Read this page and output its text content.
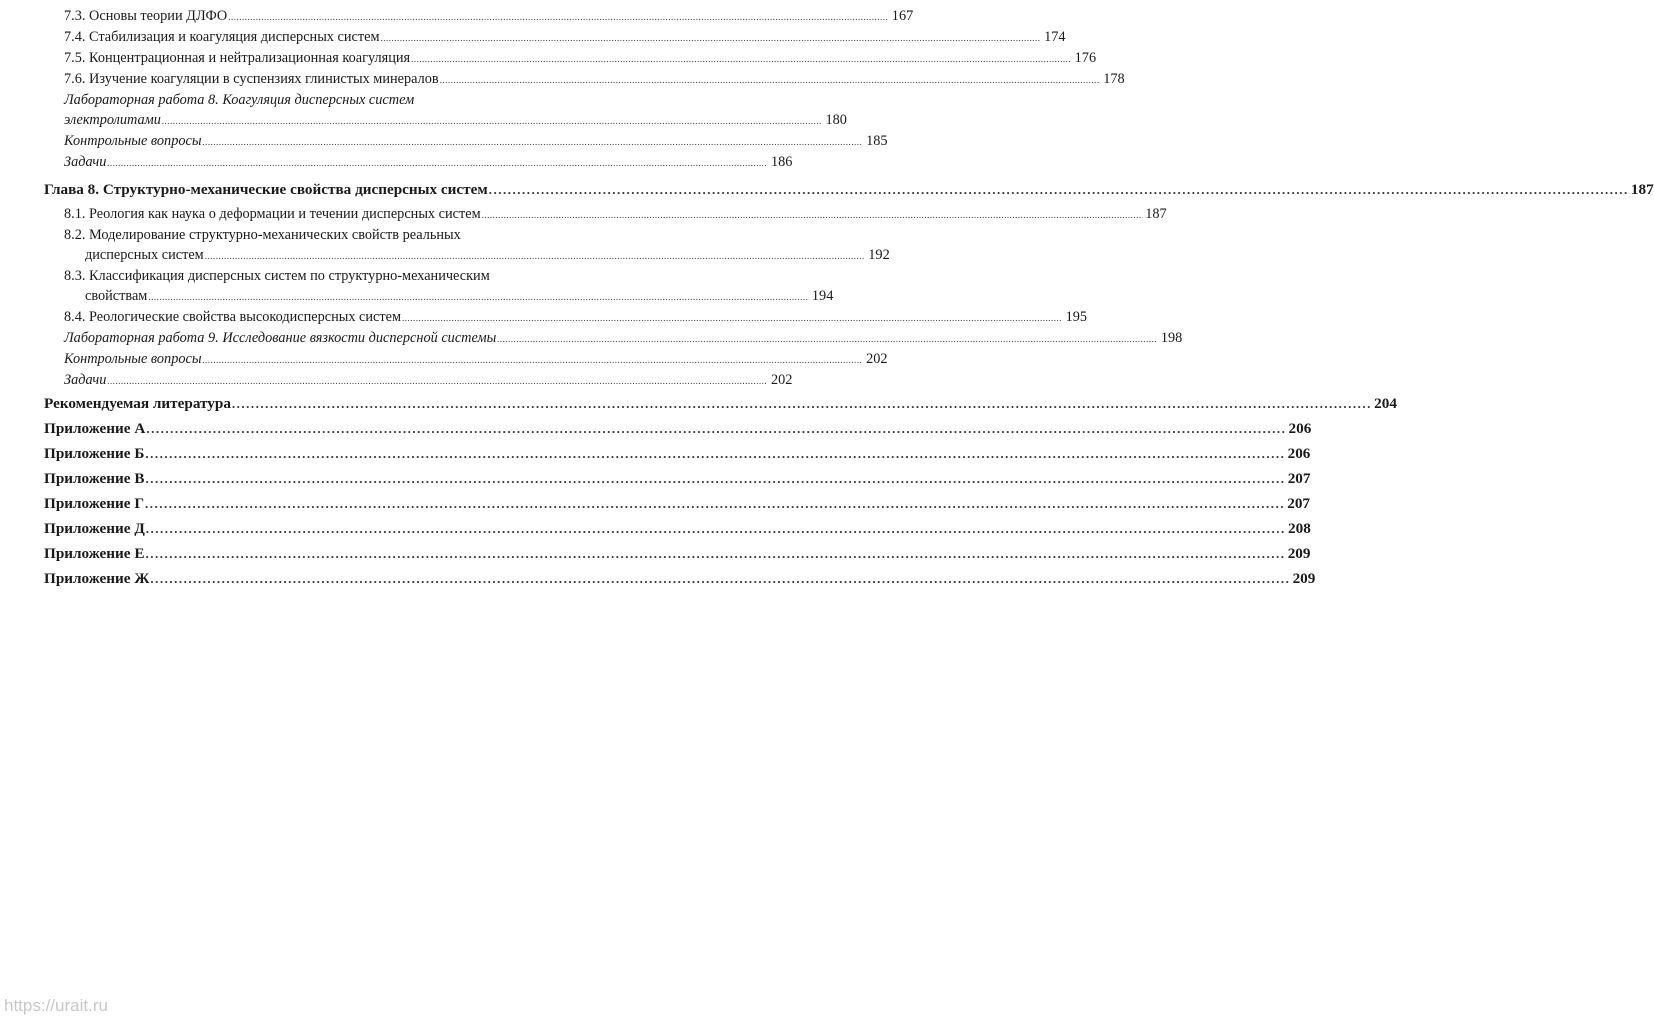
7.3. Основы теории ДЛФО ................................................................................................................................................................................................................................................ 167
7.4. Стабилизация и коагуляция дисперсных систем ................................................................................................................................................................................................................................................ 174
7.5. Концентрационная и нейтрализационная коагуляция ................................................................................................................................................................................................................................................ 176
7.6. Изучение коагуляции в суспензиях глинистых минералов ................................................................................................................................................................................................................................................ 178
Лабораторная работа 8. Коагуляция дисперсных систем
электролитами ................................................................................................................................................................................................................................................ 180
Контрольные вопросы ................................................................................................................................................................................................................................................ 185
Задачи ................................................................................................................................................................................................................................................ 186
Глава 8. Структурно-механические свойства дисперсных систем ................................................................................................................................................................................................................................................ 187
8.1. Реология как наука о деформации и течении дисперсных систем ................................................................................................................................................................................................................................................ 187
8.2. Моделирование структурно-механических свойств реальных
дисперсных систем ................................................................................................................................................................................................................................................ 192
8.3. Классификация дисперсных систем по структурно-механическим
свойствам ................................................................................................................................................................................................................................................ 194
8.4. Реологические свойства высокодисперсных систем ................................................................................................................................................................................................................................................ 195
Лабораторная работа 9. Исследование вязкости дисперсной системы ................................................................................................................................................................................................................................................ 198
Контрольные вопросы ................................................................................................................................................................................................................................................ 202
Задачи ................................................................................................................................................................................................................................................ 202
Рекомендуемая литература ................................................................................................................................................................................................................................................ 204
Приложение А ................................................................................................................................................................................................................................................ 206
Приложение Б ................................................................................................................................................................................................................................................ 206
Приложение В ................................................................................................................................................................................................................................................ 207
Приложение Г ................................................................................................................................................................................................................................................ 207
Приложение Д ................................................................................................................................................................................................................................................ 208
Приложение Е ................................................................................................................................................................................................................................................ 209
Приложение Ж ................................................................................................................................................................................................................................................ 209
https://urait.ru
